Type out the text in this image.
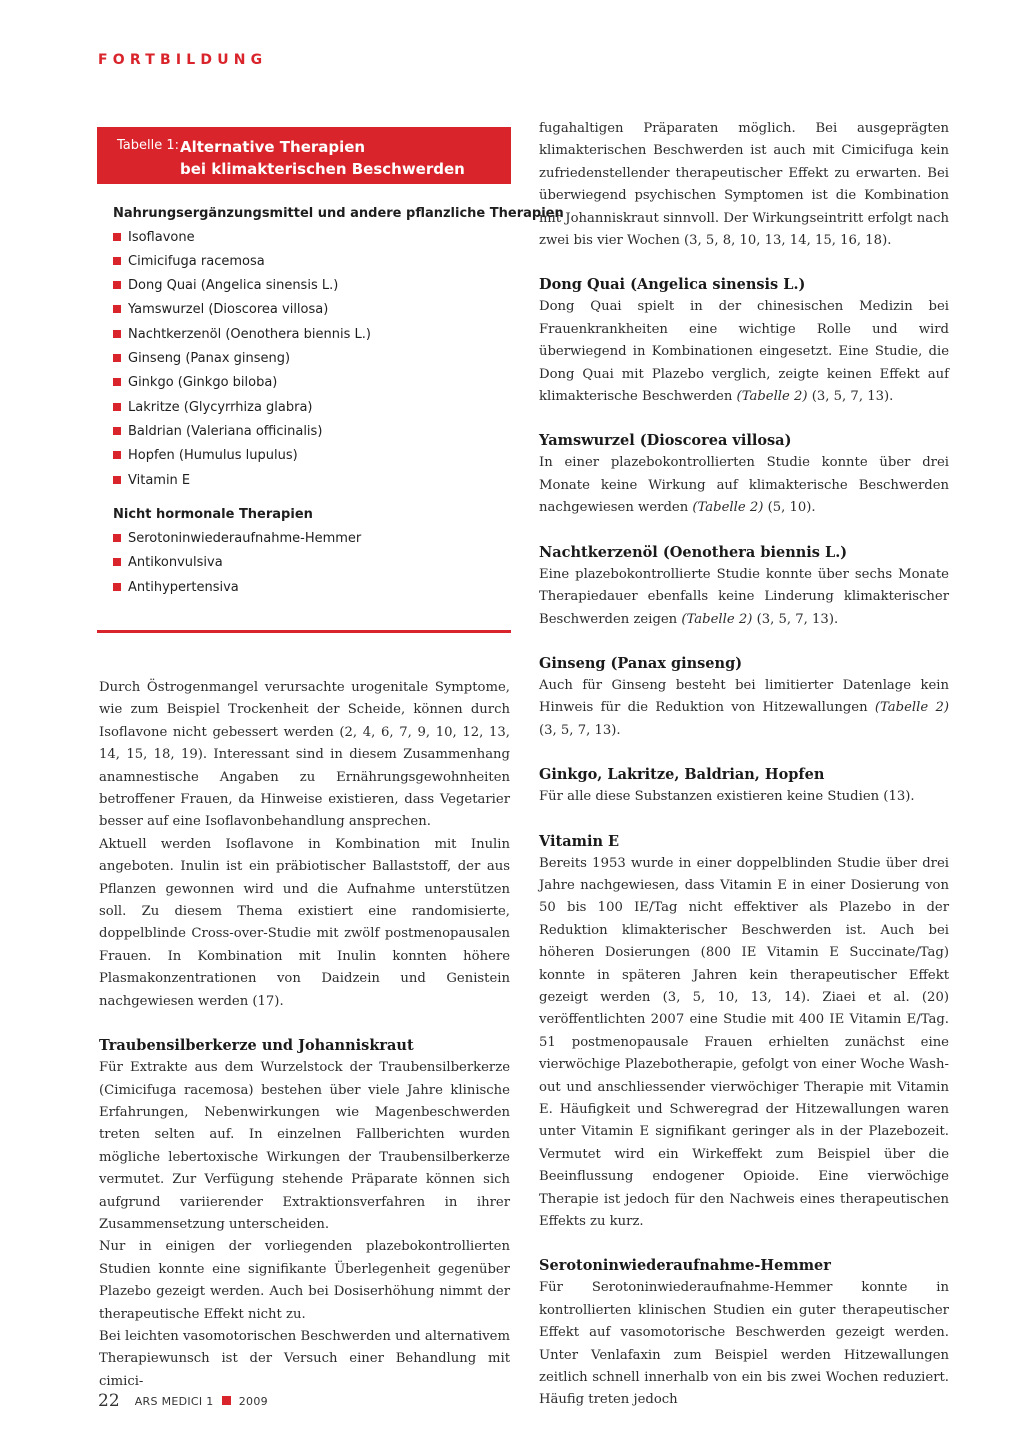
FORTBILDUNG
Tabelle 1: Alternative Therapien
bei klimakterischen Beschwerden
Nahrungsergänzungsmittel und andere pflanzliche Therapien
Isoflavone
Cimicifuga racemosa
Dong Quai (Angelica sinensis L.)
Yamswurzel (Dioscorea villosa)
Nachtkerzenöl (Oenothera biennis L.)
Ginseng (Panax ginseng)
Ginkgo (Ginkgo biloba)
Lakritze (Glycyrrhiza glabra)
Baldrian (Valeriana officinalis)
Hopfen (Humulus lupulus)
Vitamin E
Nicht hormonale Therapien
Serotoninwiederaufnahme-Hemmer
Antikonvulsiva
Antihypertensiva

Durch Östrogenmangel verursachte urogenitale Symptome, wie zum Beispiel Trockenheit der Scheide, können durch Isoflavone nicht gebessert werden (2, 4, 6, 7, 9, 10, 12, 13, 14, 15, 18, 19). Interessant sind in diesem Zusammenhang anamnestische Angaben zu Ernährungsgewohnheiten betroffener Frauen, da Hinweise existieren, dass Vegetarier besser auf eine Isoflavonbehandlung ansprechen.

Aktuell werden Isoflavone in Kombination mit Inulin angeboten. Inulin ist ein präbiotischer Ballaststoff, der aus Pflanzen gewonnen wird und die Aufnahme unterstützen soll. Zu diesem Thema existiert eine randomisierte, doppelblinde Cross-over-Studie mit zwölf postmenopausalen Frauen. In Kombination mit Inulin konnten höhere Plasmakonzentrationen von Daidzein und Genistein nachgewiesen werden (17).

Traubensilberkerze und Johanniskraut

Für Extrakte aus dem Wurzelstock der Traubensilberkerze (Cimicifuga racemosa) bestehen über viele Jahre klinische Erfahrungen, Nebenwirkungen wie Magenbeschwerden treten selten auf. In einzelnen Fallberichten wurden mögliche lebertoxische Wirkungen der Traubensilberkerze vermutet. Zur Verfügung stehende Präparate können sich aufgrund variierender Extraktionsverfahren in ihrer Zusammensetzung unterscheiden.

Nur in einigen der vorliegenden plazebokontrollierten Studien konnte eine signifikante Überlegenheit gegenüber Plazebo gezeigt werden. Auch bei Dosiserhöhung nimmt der therapeutische Effekt nicht zu.

Bei leichten vasomotorischen Beschwerden und alternativem Therapiewunsch ist der Versuch einer Behandlung mit cimici-

fugahaltigen Präparaten möglich. Bei ausgeprägten klimakterischen Beschwerden ist auch mit Cimicifuga kein zufriedenstellender therapeutischer Effekt zu erwarten. Bei überwiegend psychischen Symptomen ist die Kombination mit Johanniskraut sinnvoll. Der Wirkungseintritt erfolgt nach zwei bis vier Wochen (3, 5, 8, 10, 13, 14, 15, 16, 18).

Dong Quai (Angelica sinensis L.)

Dong Quai spielt in der chinesischen Medizin bei Frauenkrankheiten eine wichtige Rolle und wird überwiegend in Kombinationen eingesetzt. Eine Studie, die Dong Quai mit Plazebo verglich, zeigte keinen Effekt auf klimakterische Beschwerden (Tabelle 2) (3, 5, 7, 13).

Yamswurzel (Dioscorea villosa)

In einer plazebokontrollierten Studie konnte über drei Monate keine Wirkung auf klimakterische Beschwerden nachgewiesen werden (Tabelle 2) (5, 10).

Nachtkerzenöl (Oenothera biennis L.)

Eine plazebokontrollierte Studie konnte über sechs Monate Therapiedauer ebenfalls keine Linderung klimakterischer Beschwerden zeigen (Tabelle 2) (3, 5, 7, 13).

Ginseng (Panax ginseng)

Auch für Ginseng besteht bei limitierter Datenlage kein Hinweis für die Reduktion von Hitzewallungen (Tabelle 2) (3, 5, 7, 13).

Ginkgo, Lakritze, Baldrian, Hopfen

Für alle diese Substanzen existieren keine Studien (13).

Vitamin E

Bereits 1953 wurde in einer doppelblinden Studie über drei Jahre nachgewiesen, dass Vitamin E in einer Dosierung von 50 bis 100 IE/Tag nicht effektiver als Plazebo in der Reduktion klimakterischer Beschwerden ist. Auch bei höheren Dosierungen (800 IE Vitamin E Succinate/Tag) konnte in späteren Jahren kein therapeutischer Effekt gezeigt werden (3, 5, 10, 13, 14). Ziaei et al. (20) veröffentlichten 2007 eine Studie mit 400 IE Vitamin E/Tag. 51 postmenopausale Frauen erhielten zunächst eine vierwöchige Plazebotherapie, gefolgt von einer Woche Wash-out und anschliessender vierwöchiger Therapie mit Vitamin E. Häufigkeit und Schweregrad der Hitzewallungen waren unter Vitamin E signifikant geringer als in der Plazebozeit. Vermutet wird ein Wirkeffekt zum Beispiel über die Beeinflussung endogener Opioide. Eine vierwöchige Therapie ist jedoch für den Nachweis eines therapeutischen Effekts zu kurz.

Serotoninwiederaufnahme-Hemmer

Für Serotoninwiederaufnahme-Hemmer konnte in kontrollierten klinischen Studien ein guter therapeutischer Effekt auf vasomotorische Beschwerden gezeigt werden. Unter Venlafaxin zum Beispiel werden Hitzewallungen zeitlich schnell innerhalb von ein bis zwei Wochen reduziert. Häufig treten jedoch

22 ARS MEDICI 1 2009
